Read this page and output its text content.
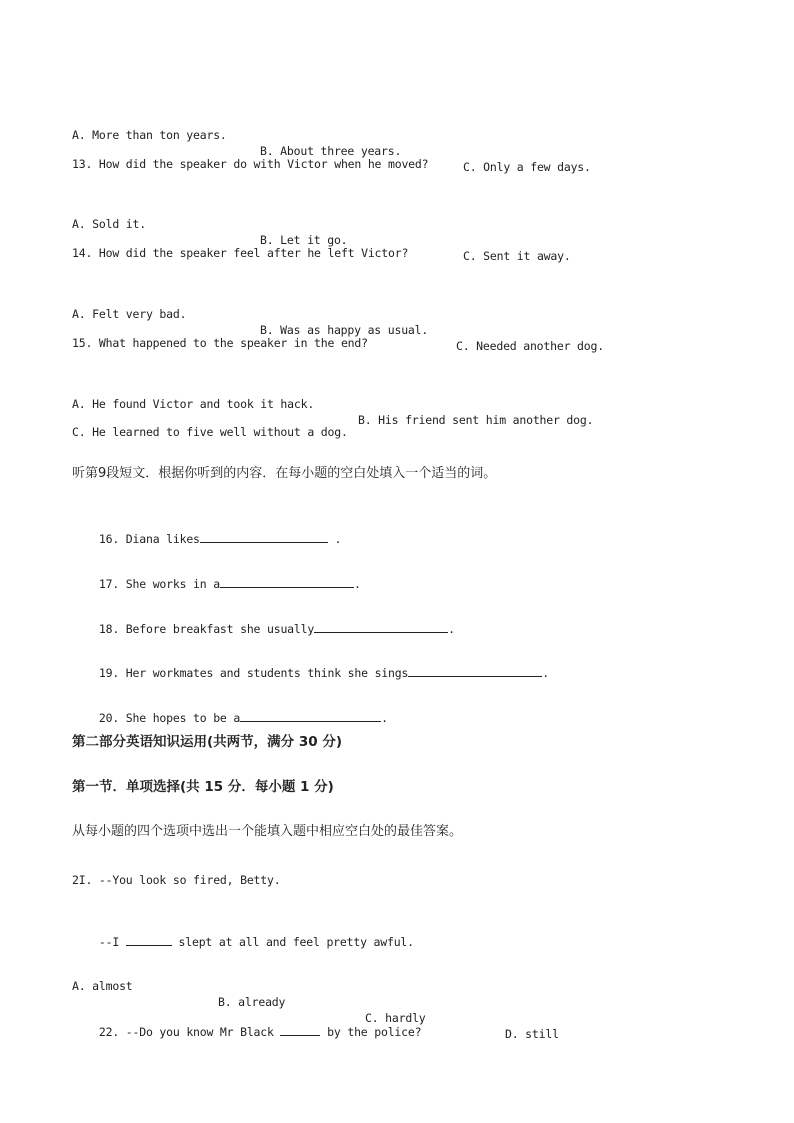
A. More than ton years.

B. About three years.

C. Only a few days.

13. How did the speaker do with Victor when he moved?

A. Sold it.

B. Let it go.

C. Sent it away.

14. How did the speaker feel after he left Victor?

A. Felt very bad.

B. Was as happy as usual.

C. Needed another dog.

15. What happened to the speaker in the end?

A. He found Victor and took it hack.

B. His friend sent him another dog.

C. He learned to five well without a dog.
听第9段短文．根据你听到的内容．在每小题的空白处填入一个适当的词。

16. Diana likes	.

17. She works in a	.

18. Before breakfast she usually	.

19. Her workmates and students think she sings	.

20. She hopes to be a	.

第二部分英语知识运用(共两节，满分 30 分)
第一节．单项选择(共 15 分．每小题 1 分)
从每小题的四个选项中选出一个能填入题中相应空白处的最佳答案。
2I. --You look so fired, Betty.

--I	slept at all and feel pretty awful.

A. almost

B. already

C. hardly

D. still

22. --Do you know Mr Black	by the police?
